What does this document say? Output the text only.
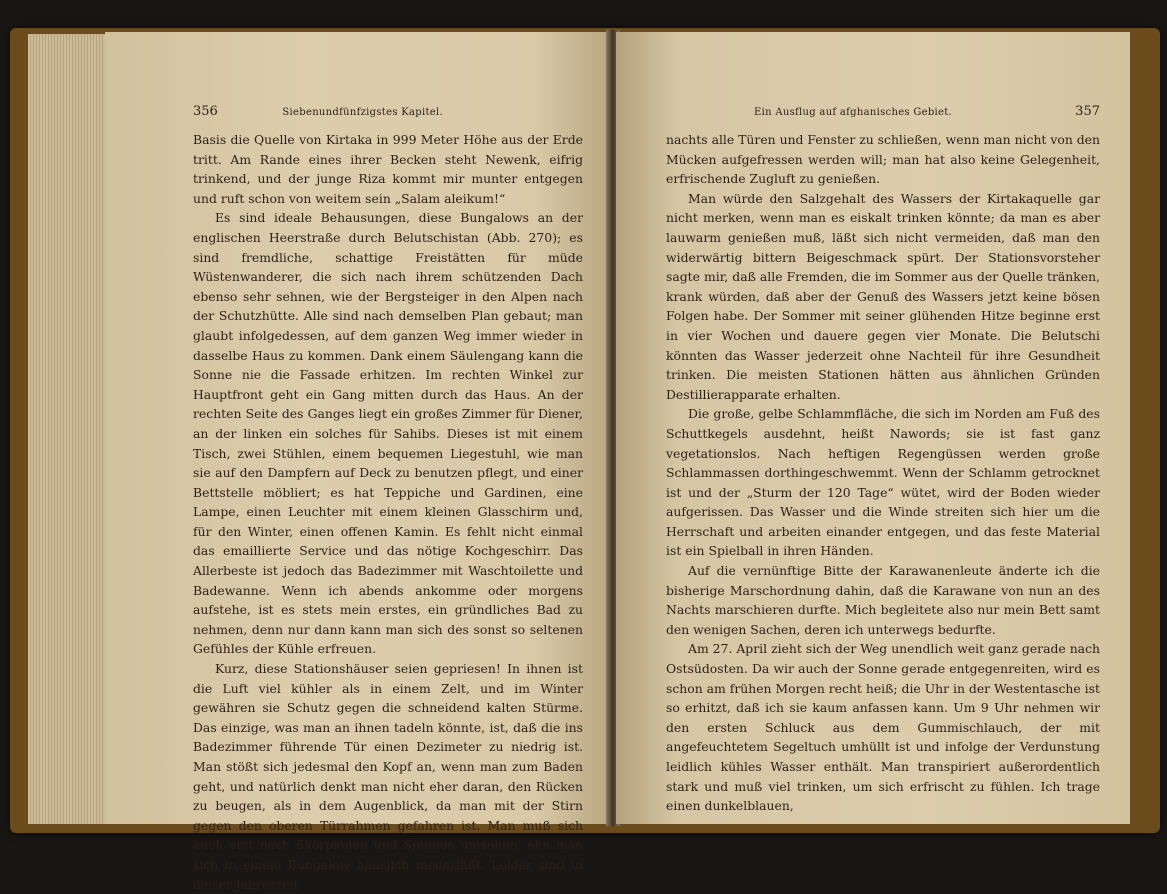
356	Siebenundfünfzigstes Kapitel.

Basis die Quelle von Kirtaka in 999 Meter Höhe aus der Erde tritt. Am Rande eines ihrer Becken steht Newenk, eifrig trinkend, und der junge Riza kommt mir munter entgegen und ruft schon von weitem sein „Salam aleikum!“

Es sind ideale Behausungen, diese Bungalows an der englischen Heerstraße durch Belutschistan (Abb. 270); es sind fremdliche, schattige Freistätten für müde Wüstenwanderer, die sich nach ihrem schützenden Dach ebenso sehr sehnen, wie der Bergsteiger in den Alpen nach der Schutzhütte. Alle sind nach demselben Plan gebaut; man glaubt infolgedessen, auf dem ganzen Weg immer wieder in dasselbe Haus zu kommen. Dank einem Säulengang kann die Sonne nie die Fassade erhitzen. Im rechten Winkel zur Hauptfront geht ein Gang mitten durch das Haus. An der rechten Seite des Ganges liegt ein großes Zimmer für Diener, an der linken ein solches für Sahibs. Dieses ist mit einem Tisch, zwei Stühlen, einem bequemen Liegestuhl, wie man sie auf den Dampfern auf Deck zu benutzen pflegt, und einer Bettstelle möbliert; es hat Teppiche und Gardinen, eine Lampe, einen Leuchter mit einem kleinen Glasschirm und, für den Winter, einen offenen Kamin. Es fehlt nicht einmal das emaillierte Service und das nötige Kochgeschirr. Das Allerbeste ist jedoch das Badezimmer mit Waschtoilette und Badewanne. Wenn ich abends ankomme oder morgens aufstehe, ist es stets mein erstes, ein gründliches Bad zu nehmen, denn nur dann kann man sich des sonst so seltenen Gefühles der Kühle erfreuen.

Kurz, diese Stationshäuser seien gepriesen! In ihnen ist die Luft viel kühler als in einem Zelt, und im Winter gewähren sie Schutz gegen die schneidend kalten Stürme. Das einzige, was man an ihnen tadeln könnte, ist, daß die ins Badezimmer führende Tür einen Dezimeter zu niedrig ist. Man stößt sich jedesmal den Kopf an, wenn man zum Baden geht, und natürlich denkt man nicht eher daran, den Rücken zu beugen, als in dem Augenblick, da man mit der Stirn gegen den oberen Türrahmen gefahren ist. Man muß sich auch erst nach Skorpionen und Spinnen umsehen, ehe man sich in einem Bungalow häuslich niederläßt. Leider sind in dieser Jahreszeit

Ein Ausflug auf afghanisches Gebiet.	357

nachts alle Türen und Fenster zu schließen, wenn man nicht von den Mücken aufgefressen werden will; man hat also keine Gelegenheit, erfrischende Zugluft zu genießen.

Man würde den Salzgehalt des Wassers der Kirtakaquelle gar nicht merken, wenn man es eiskalt trinken könnte; da man es aber lauwarm genießen muß, läßt sich nicht vermeiden, daß man den widerwärtig bittern Beigeschmack spürt. Der Stationsvorsteher sagte mir, daß alle Fremden, die im Sommer aus der Quelle tränken, krank würden, daß aber der Genuß des Wassers jetzt keine bösen Folgen habe. Der Sommer mit seiner glühenden Hitze beginne erst in vier Wochen und dauere gegen vier Monate. Die Belutschi könnten das Wasser jederzeit ohne Nachteil für ihre Gesundheit trinken. Die meisten Stationen hätten aus ähnlichen Gründen Destillierapparate erhalten.

Die große, gelbe Schlammfläche, die sich im Norden am Fuß des Schuttkegels ausdehnt, heißt Nawords; sie ist fast ganz vegetationslos. Nach heftigen Regengüssen werden große Schlammassen dorthingeschwemmt. Wenn der Schlamm getrocknet ist und der „Sturm der 120 Tage“ wütet, wird der Boden wieder aufgerissen. Das Wasser und die Winde streiten sich hier um die Herrschaft und arbeiten einander entgegen, und das feste Material ist ein Spielball in ihren Händen.

Auf die vernünftige Bitte der Karawanenleute änderte ich die bisherige Marschordnung dahin, daß die Karawane von nun an des Nachts marschieren durfte. Mich begleitete also nur mein Bett samt den wenigen Sachen, deren ich unterwegs bedurfte.

Am 27. April zieht sich der Weg unendlich weit ganz gerade nach Ostsüdosten. Da wir auch der Sonne gerade entgegenreiten, wird es schon am frühen Morgen recht heiß; die Uhr in der Westentasche ist so erhitzt, daß ich sie kaum anfassen kann. Um 9 Uhr nehmen wir den ersten Schluck aus dem Gummischlauch, der mit angefeuchtetem Segeltuch umhüllt ist und infolge der Verdunstung leidlich kühles Wasser enthält. Man transpiriert außerordentlich stark und muß viel trinken, um sich erfrischt zu fühlen. Ich trage einen dunkelblauen,
